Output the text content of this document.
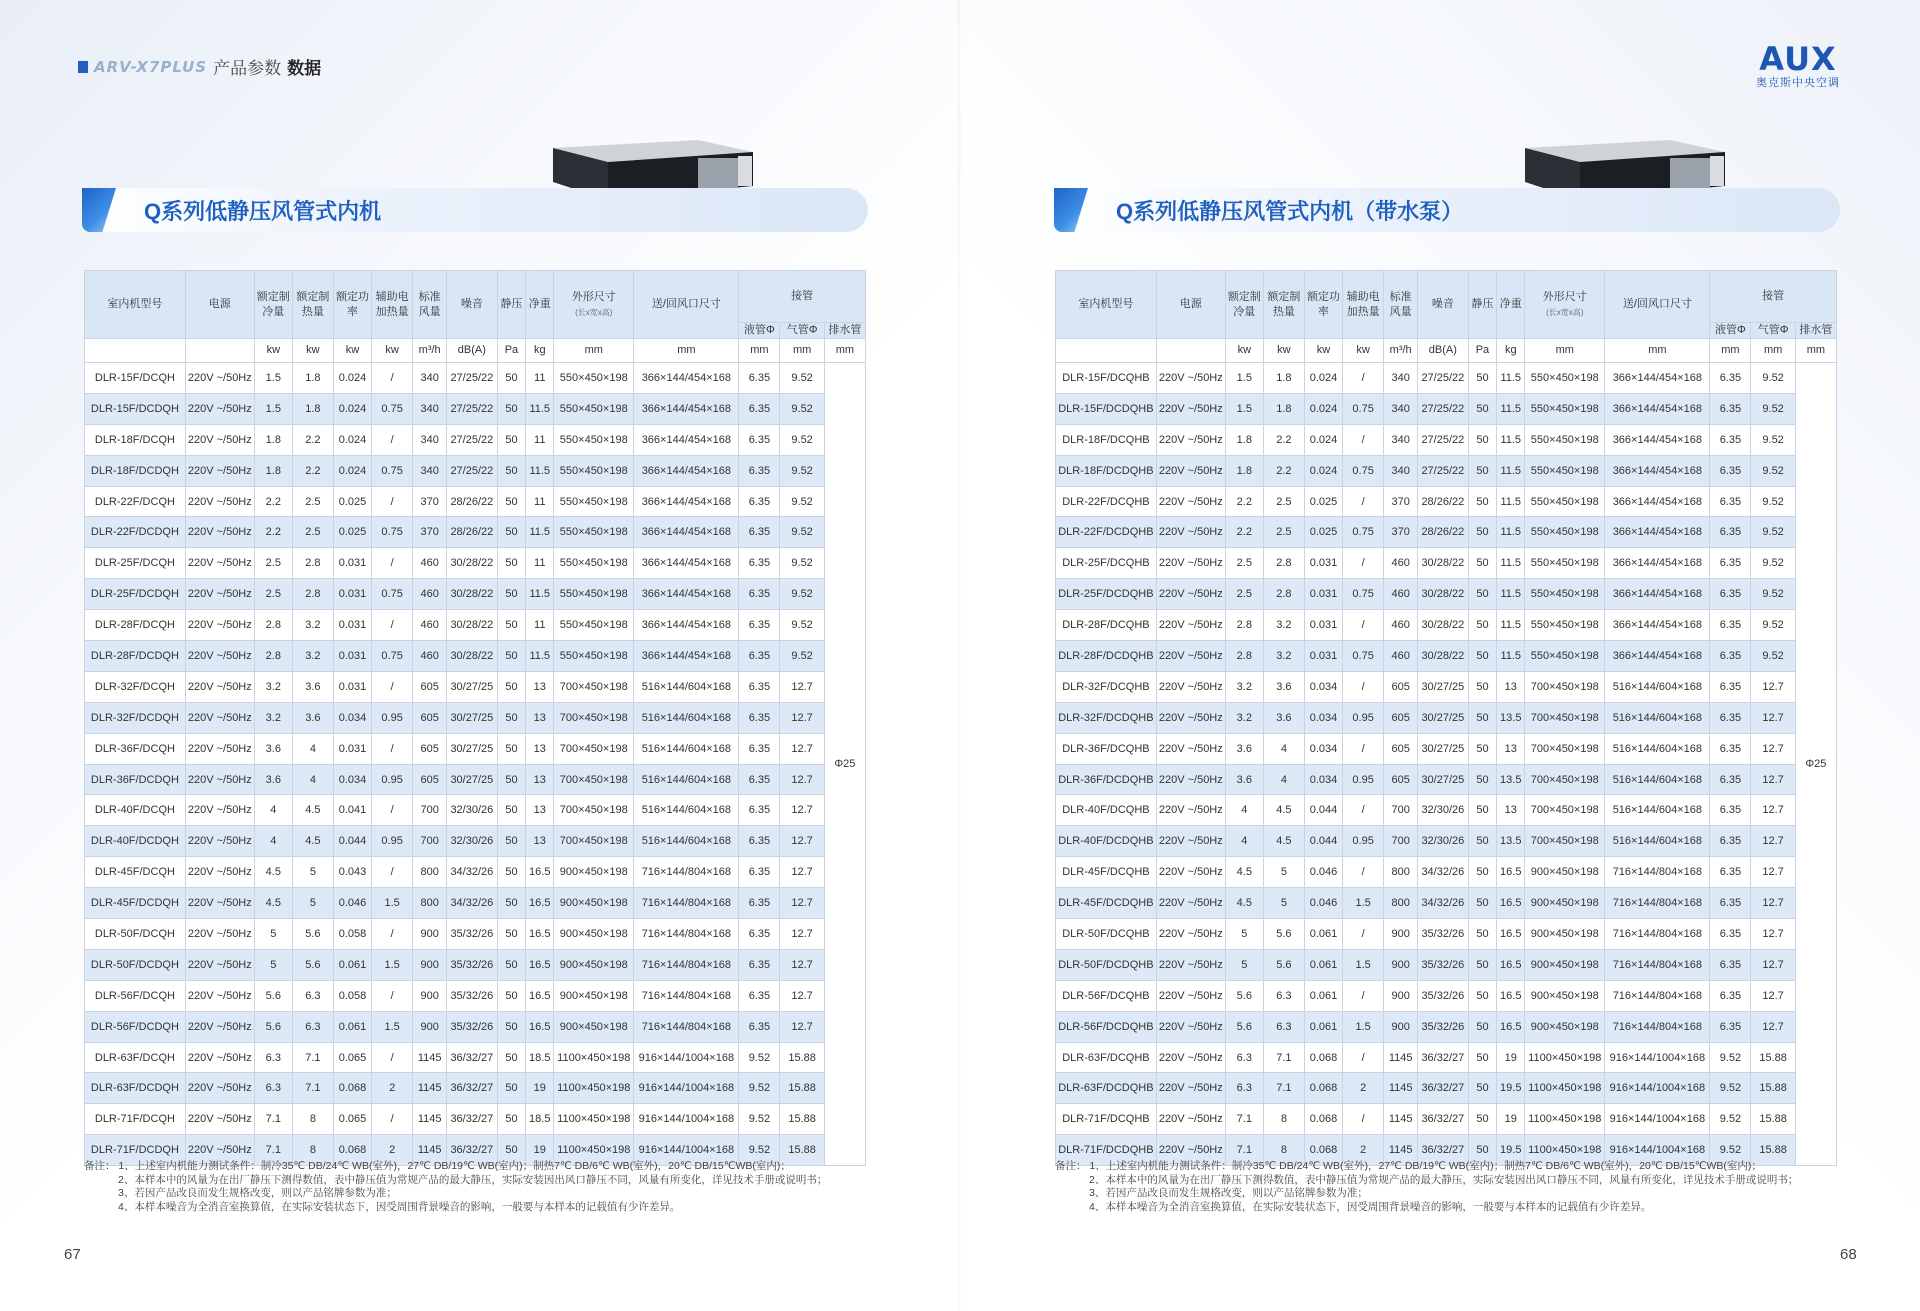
ARV-X7PLUS 产品参数 数据	AUX
奥克斯中央空调
Q系列低静压风管式内机	Q系列低静压风管式内机（带水泵）
室内机型号	电源	额定制冷量	额定制热量	额定功率	辅助电加热量	标准风量	噪音	静压	净重	外形尺寸
(长x宽x高)	送/回风口尺寸	接管		
												液管Φ	气管Φ	排水管
		kw	kw	kw	kw	m³/h	dB(A)	Pa	kg	mm	mm	mm	mm	mm
DLR-15F/DCQH	220V ~/50Hz	1.5	1.8	0.024	/	340	27/25/22	50	11	550×450×198	366×144/454×168	6.35	9.52	Φ25
DLR-15F/DCDQH	220V ~/50Hz	1.5	1.8	0.024	0.75	340	27/25/22	50	11.5	550×450×198	366×144/454×168	6.35	9.52	
DLR-18F/DCQH	220V ~/50Hz	1.8	2.2	0.024	/	340	27/25/22	50	11	550×450×198	366×144/454×168	6.35	9.52	
DLR-18F/DCDQH	220V ~/50Hz	1.8	2.2	0.024	0.75	340	27/25/22	50	11.5	550×450×198	366×144/454×168	6.35	9.52	
DLR-22F/DCQH	220V ~/50Hz	2.2	2.5	0.025	/	370	28/26/22	50	11	550×450×198	366×144/454×168	6.35	9.52	
DLR-22F/DCDQH	220V ~/50Hz	2.2	2.5	0.025	0.75	370	28/26/22	50	11.5	550×450×198	366×144/454×168	6.35	9.52	
DLR-25F/DCQH	220V ~/50Hz	2.5	2.8	0.031	/	460	30/28/22	50	11	550×450×198	366×144/454×168	6.35	9.52	
DLR-25F/DCDQH	220V ~/50Hz	2.5	2.8	0.031	0.75	460	30/28/22	50	11.5	550×450×198	366×144/454×168	6.35	9.52	
DLR-28F/DCQH	220V ~/50Hz	2.8	3.2	0.031	/	460	30/28/22	50	11	550×450×198	366×144/454×168	6.35	9.52	
DLR-28F/DCDQH	220V ~/50Hz	2.8	3.2	0.031	0.75	460	30/28/22	50	11.5	550×450×198	366×144/454×168	6.35	9.52	
DLR-32F/DCQH	220V ~/50Hz	3.2	3.6	0.031	/	605	30/27/25	50	13	700×450×198	516×144/604×168	6.35	12.7	
DLR-32F/DCDQH	220V ~/50Hz	3.2	3.6	0.034	0.95	605	30/27/25	50	13	700×450×198	516×144/604×168	6.35	12.7	
DLR-36F/DCQH	220V ~/50Hz	3.6	4	0.031	/	605	30/27/25	50	13	700×450×198	516×144/604×168	6.35	12.7	
DLR-36F/DCDQH	220V ~/50Hz	3.6	4	0.034	0.95	605	30/27/25	50	13	700×450×198	516×144/604×168	6.35	12.7	
DLR-40F/DCQH	220V ~/50Hz	4	4.5	0.041	/	700	32/30/26	50	13	700×450×198	516×144/604×168	6.35	12.7	
DLR-40F/DCDQH	220V ~/50Hz	4	4.5	0.044	0.95	700	32/30/26	50	13	700×450×198	516×144/604×168	6.35	12.7	
DLR-45F/DCQH	220V ~/50Hz	4.5	5	0.043	/	800	34/32/26	50	16.5	900×450×198	716×144/804×168	6.35	12.7	
DLR-45F/DCDQH	220V ~/50Hz	4.5	5	0.046	1.5	800	34/32/26	50	16.5	900×450×198	716×144/804×168	6.35	12.7	
DLR-50F/DCQH	220V ~/50Hz	5	5.6	0.058	/	900	35/32/26	50	16.5	900×450×198	716×144/804×168	6.35	12.7	
DLR-50F/DCDQH	220V ~/50Hz	5	5.6	0.061	1.5	900	35/32/26	50	16.5	900×450×198	716×144/804×168	6.35	12.7	
DLR-56F/DCQH	220V ~/50Hz	5.6	6.3	0.058	/	900	35/32/26	50	16.5	900×450×198	716×144/804×168	6.35	12.7	
DLR-56F/DCDQH	220V ~/50Hz	5.6	6.3	0.061	1.5	900	35/32/26	50	16.5	900×450×198	716×144/804×168	6.35	12.7	
DLR-63F/DCQH	220V ~/50Hz	6.3	7.1	0.065	/	1145	36/32/27	50	18.5	1100×450×198	916×144/1004×168	9.52	15.88	
DLR-63F/DCDQH	220V ~/50Hz	6.3	7.1	0.068	2	1145	36/32/27	50	19	1100×450×198	916×144/1004×168	9.52	15.88	
DLR-71F/DCQH	220V ~/50Hz	7.1	8	0.065	/	1145	36/32/27	50	18.5	1100×450×198	916×144/1004×168	9.52	15.88	
DLR-71F/DCDQH	220V ~/50Hz	7.1	8	0.068	2	1145	36/32/27	50	19	1100×450×198	916×144/1004×168	9.52	15.88	
室内机型号	电源	额定制冷量	额定制热量	额定功率	辅助电加热量	标准风量	噪音	静压	净重	外形尺寸
(长x宽x高)	送/回风口尺寸	接管		
												液管Φ	气管Φ	排水管
		kw	kw	kw	kw	m³/h	dB(A)	Pa	kg	mm	mm	mm	mm	mm
DLR-15F/DCQHB	220V ~/50Hz	1.5	1.8	0.024	/	340	27/25/22	50	11.5	550×450×198	366×144/454×168	6.35	9.52	Φ25
DLR-15F/DCDQHB	220V ~/50Hz	1.5	1.8	0.024	0.75	340	27/25/22	50	11.5	550×450×198	366×144/454×168	6.35	9.52	
DLR-18F/DCQHB	220V ~/50Hz	1.8	2.2	0.024	/	340	27/25/22	50	11.5	550×450×198	366×144/454×168	6.35	9.52	
DLR-18F/DCDQHB	220V ~/50Hz	1.8	2.2	0.024	0.75	340	27/25/22	50	11.5	550×450×198	366×144/454×168	6.35	9.52	
DLR-22F/DCQHB	220V ~/50Hz	2.2	2.5	0.025	/	370	28/26/22	50	11.5	550×450×198	366×144/454×168	6.35	9.52	
DLR-22F/DCDQHB	220V ~/50Hz	2.2	2.5	0.025	0.75	370	28/26/22	50	11.5	550×450×198	366×144/454×168	6.35	9.52	
DLR-25F/DCQHB	220V ~/50Hz	2.5	2.8	0.031	/	460	30/28/22	50	11.5	550×450×198	366×144/454×168	6.35	9.52	
DLR-25F/DCDQHB	220V ~/50Hz	2.5	2.8	0.031	0.75	460	30/28/22	50	11.5	550×450×198	366×144/454×168	6.35	9.52	
DLR-28F/DCQHB	220V ~/50Hz	2.8	3.2	0.031	/	460	30/28/22	50	11.5	550×450×198	366×144/454×168	6.35	9.52	
DLR-28F/DCDQHB	220V ~/50Hz	2.8	3.2	0.031	0.75	460	30/28/22	50	11.5	550×450×198	366×144/454×168	6.35	9.52	
DLR-32F/DCQHB	220V ~/50Hz	3.2	3.6	0.034	/	605	30/27/25	50	13	700×450×198	516×144/604×168	6.35	12.7	
DLR-32F/DCDQHB	220V ~/50Hz	3.2	3.6	0.034	0.95	605	30/27/25	50	13.5	700×450×198	516×144/604×168	6.35	12.7	
DLR-36F/DCQHB	220V ~/50Hz	3.6	4	0.034	/	605	30/27/25	50	13	700×450×198	516×144/604×168	6.35	12.7	
DLR-36F/DCDQHB	220V ~/50Hz	3.6	4	0.034	0.95	605	30/27/25	50	13.5	700×450×198	516×144/604×168	6.35	12.7	
DLR-40F/DCQHB	220V ~/50Hz	4	4.5	0.044	/	700	32/30/26	50	13	700×450×198	516×144/604×168	6.35	12.7	
DLR-40F/DCDQHB	220V ~/50Hz	4	4.5	0.044	0.95	700	32/30/26	50	13.5	700×450×198	516×144/604×168	6.35	12.7	
DLR-45F/DCQHB	220V ~/50Hz	4.5	5	0.046	/	800	34/32/26	50	16.5	900×450×198	716×144/804×168	6.35	12.7	
DLR-45F/DCDQHB	220V ~/50Hz	4.5	5	0.046	1.5	800	34/32/26	50	16.5	900×450×198	716×144/804×168	6.35	12.7	
DLR-50F/DCQHB	220V ~/50Hz	5	5.6	0.061	/	900	35/32/26	50	16.5	900×450×198	716×144/804×168	6.35	12.7	
DLR-50F/DCDQHB	220V ~/50Hz	5	5.6	0.061	1.5	900	35/32/26	50	16.5	900×450×198	716×144/804×168	6.35	12.7	
DLR-56F/DCQHB	220V ~/50Hz	5.6	6.3	0.061	/	900	35/32/26	50	16.5	900×450×198	716×144/804×168	6.35	12.7	
DLR-56F/DCDQHB	220V ~/50Hz	5.6	6.3	0.061	1.5	900	35/32/26	50	16.5	900×450×198	716×144/804×168	6.35	12.7	
DLR-63F/DCQHB	220V ~/50Hz	6.3	7.1	0.068	/	1145	36/32/27	50	19	1100×450×198	916×144/1004×168	9.52	15.88	
DLR-63F/DCDQHB	220V ~/50Hz	6.3	7.1	0.068	2	1145	36/32/27	50	19.5	1100×450×198	916×144/1004×168	9.52	15.88	
DLR-71F/DCQHB	220V ~/50Hz	7.1	8	0.068	/	1145	36/32/27	50	19	1100×450×198	916×144/1004×168	9.52	15.88	
DLR-71F/DCDQHB	220V ~/50Hz	7.1	8	0.068	2	1145	36/32/27	50	19.5	1100×450×198	916×144/1004×168	9.52	15.88	
备注： 1、上述室内机能力测试条件：制冷35℃ DB/24℃ WB(室外)，27℃ DB/19℃ WB(室内)；制热7℃ DB/6℃ WB(室外)，20℃ DB/15℃WB(室内)；
2、本样本中的风量为在出厂静压下测得数值，表中静压值为常规产品的最大静压，实际安装因出风口静压不同，风量有所变化，详见技术手册或说明书；
3、若因产品改良而发生规格改变，则以产品铭牌参数为准；
4、本样本噪音为全消音室换算值，在实际安装状态下，因受周围背景噪音的影响，一般要与本样本的记载值有少许差异。
备注： 1、上述室内机能力测试条件：制冷35℃ DB/24℃ WB(室外)，27℃ DB/19℃ WB(室内)；制热7℃ DB/6℃ WB(室外)，20℃ DB/15℃WB(室内)；
2、本样本中的风量为在出厂静压下测得数值，表中静压值为常规产品的最大静压，实际安装因出风口静压不同，风量有所变化，详见技术手册或说明书；
3、若因产品改良而发生规格改变，则以产品铭牌参数为准；
4、本样本噪音为全消音室换算值，在实际安装状态下，因受周围背景噪音的影响，一般要与本样本的记载值有少许差异。
67	68
